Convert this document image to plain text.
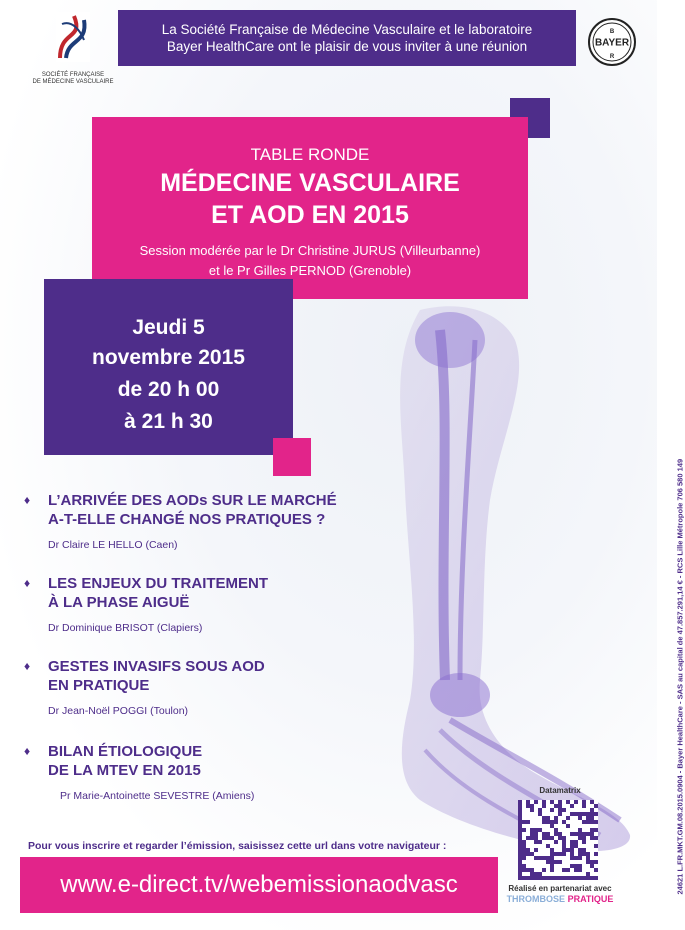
SOCIÉTÉ FRANÇAISE
DE MÉDECINE VASCULAIRE
La Société Française de Médecine Vasculaire et le laboratoire
Bayer HealthCare ont le plaisir de vous inviter à une réunion	BAYER
B
R
TABLE RONDE
MÉDECINE VASCULAIRE
ET AOD EN 2015
Session modérée par le Dr Christine JURUS (Villeurbanne)
et le Pr Gilles PERNOD (Grenoble)
Jeudi 5
novembre 2015
de 20 h 00
à 21 h 30
♦ L’ARRIVÉE DES AODs SUR LE MARCHÉ
A-T-ELLE CHANGÉ NOS PRATIQUES ?
Dr Claire LE HELLO (Caen)
♦ LES ENJEUX DU TRAITEMENT
À LA PHASE AIGUË
Dr Dominique BRISOT (Clapiers)
♦ GESTES INVASIFS SOUS AOD
EN PRATIQUE
Dr Jean-Noël POGGI (Toulon)
♦ BILAN ÉTIOLOGIQUE
DE LA MTEV EN 2015
Pr Marie-Antoinette SEVESTRE (Amiens)	24621 L.FR.MKT.GM.08.2015.0904 - Bayer HealthCare - SAS au capital de 47.857.291,14 € - RCS Lille Métropole 706 580 149
Datamatrix
Réalisé en partenariat avec
THROMBOSE PRATIQUE
Pour vous inscrire et regarder l’émission, saisissez cette url dans votre navigateur :
www.e-direct.tv/webemissionaodvasc
